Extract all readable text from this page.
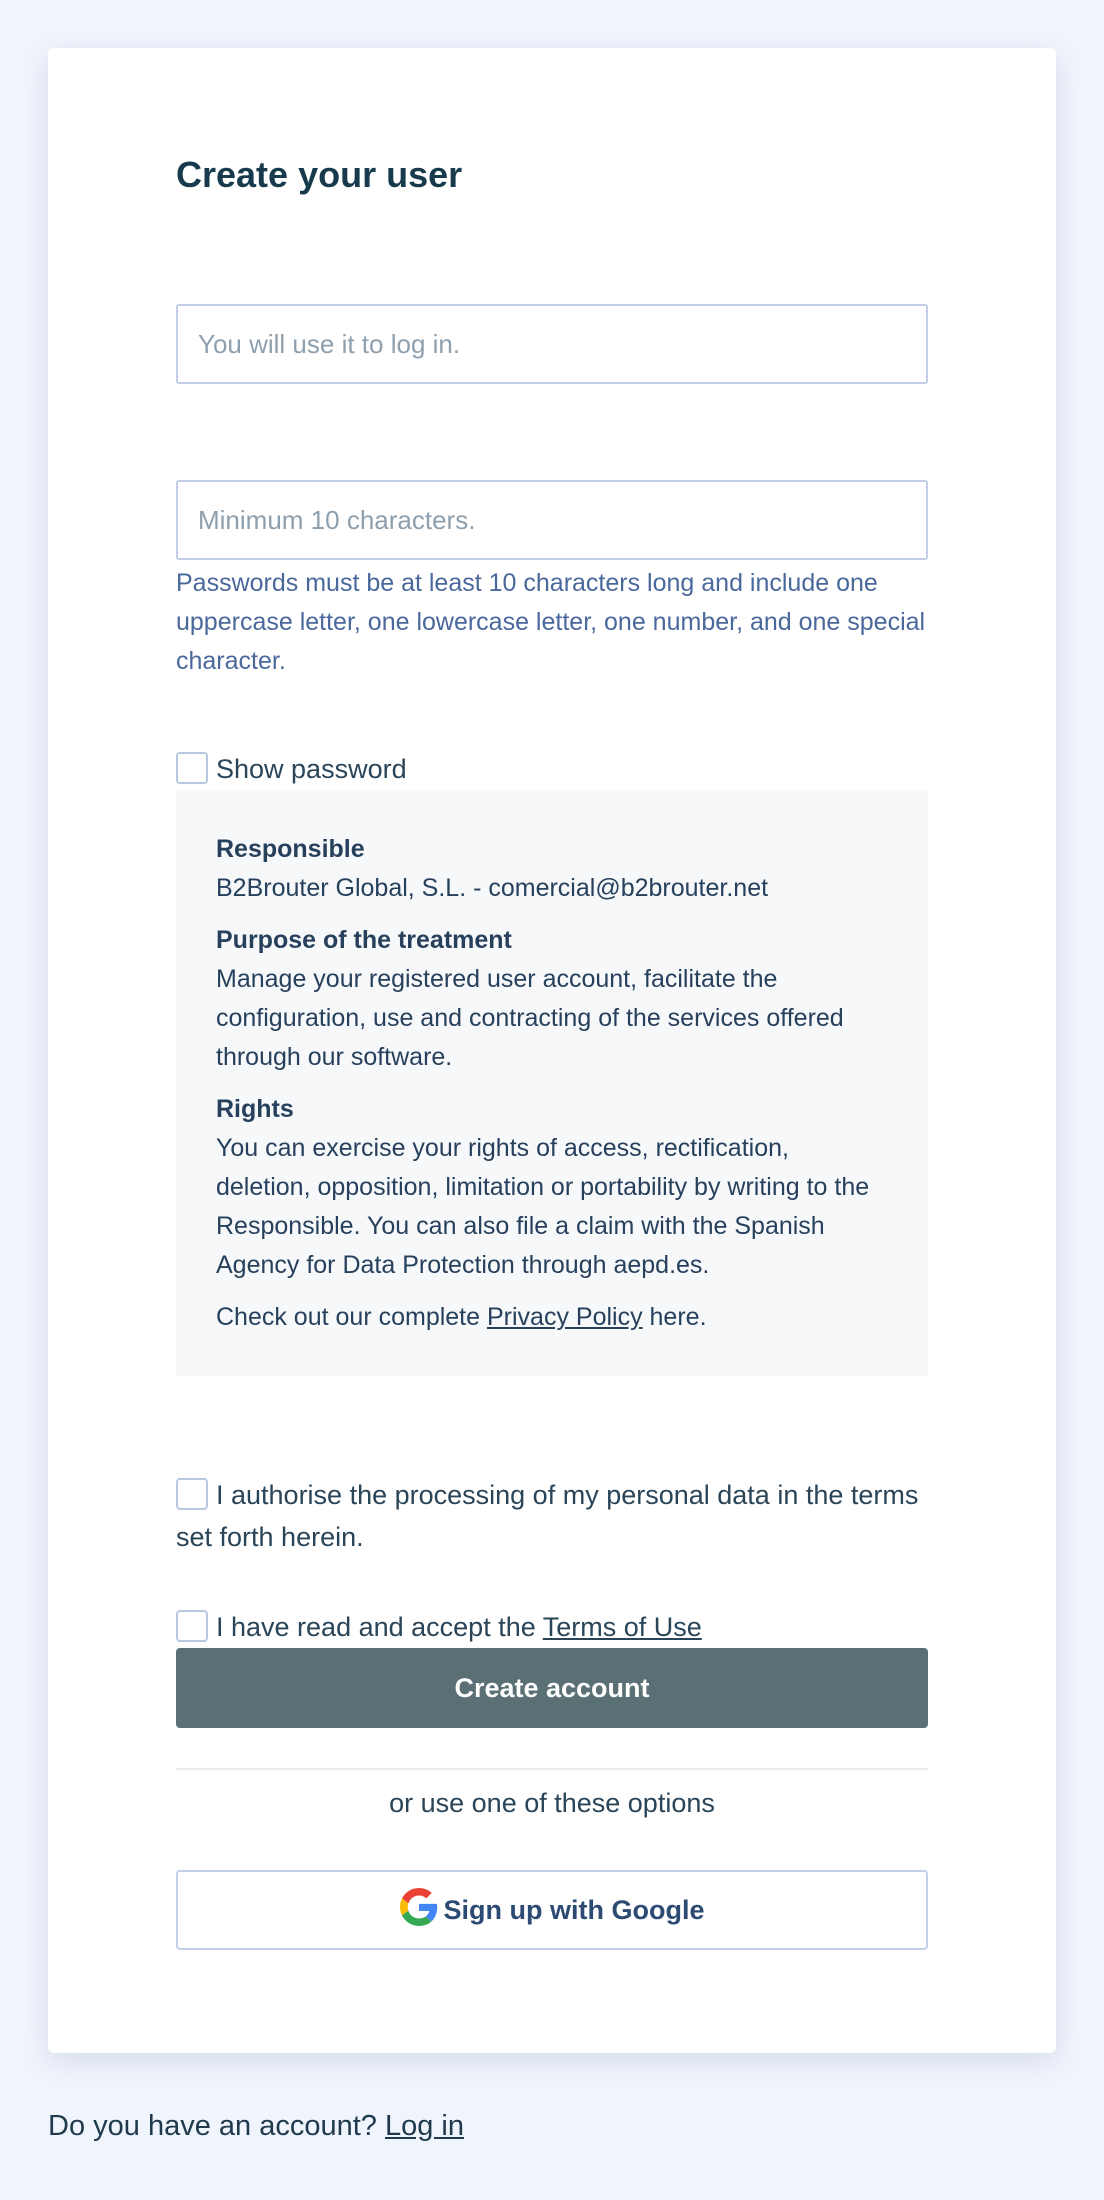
Create your user
You will use it to log in.

Passwords must be at least 10 characters long and include one uppercase letter, one lowercase letter, one number, and one special character.

Show password
Responsible
B2Brouter Global, S.L. - comercial@b2brouter.net
Purpose of the treatment
Manage your registered user account, facilitate the configuration, use and contracting of the services offered through our software.
Rights
You can exercise your rights of access, rectification, deletion, opposition, limitation or portability by writing to the Responsible. You can also file a claim with the Spanish Agency for Data Protection through aepd.es.
Check out our complete Privacy Policy here.
I authorise the processing of my personal data in the terms set forth herein.
I have read and accept the Terms of Use
Create account
or use one of these options
Sign up with Google
Do you have an account? Log in
